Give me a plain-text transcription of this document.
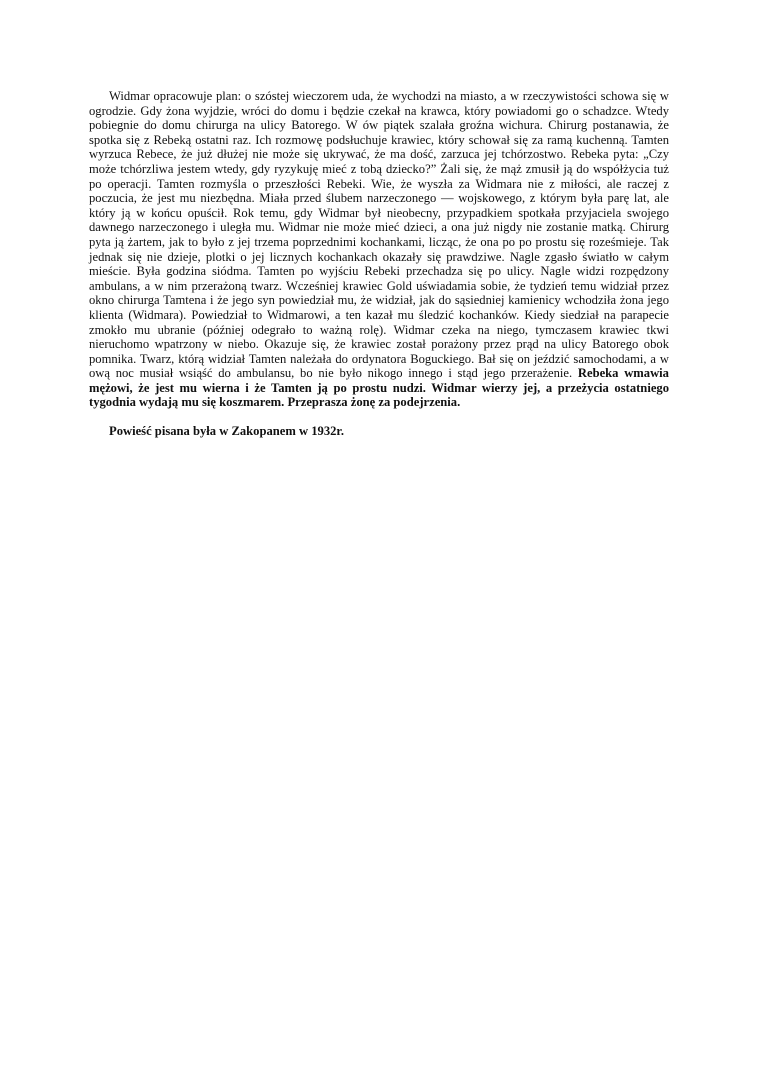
Widmar opracowuje plan: o szóstej wieczorem uda, że wychodzi na miasto, a w rzeczywistości schowa się w ogrodzie. Gdy żona wyjdzie, wróci do domu i będzie czekał na krawca, który powiadomi go o schadzce. Wtedy pobiegnie do domu chirurga na ulicy Batorego. W ów piątek szalała groźna wichura. Chirurg postanawia, że spotka się z Rebeką ostatni raz. Ich rozmowę podsłuchuje krawiec, który schował się za ramą kuchenną. Tamten wyrzuca Rebece, że już dłużej nie może się ukrywać, że ma dość, zarzuca jej tchórzostwo. Rebeka pyta: „Czy może tchórzliwa jestem wtedy, gdy ryzykuję mieć z tobą dziecko?” Żali się, że mąż zmusił ją do współżycia tuż po operacji. Tamten rozmyśla o przeszłości Rebeki. Wie, że wyszła za Widmara nie z miłości, ale raczej z poczucia, że jest mu niezbędna. Miała przed ślubem narzeczonego — wojskowego, z którym była parę lat, ale który ją w końcu opuścił. Rok temu, gdy Widmar był nieobecny, przypadkiem spotkała przyjaciela swojego dawnego narzeczonego i uległa mu. Widmar nie może mieć dzieci, a ona już nigdy nie zostanie matką. Chirurg pyta ją żartem, jak to było z jej trzema poprzednimi kochankami, licząc, że ona po po prostu się roześmieje. Tak jednak się nie dzieje, plotki o jej licznych kochankach okazały się prawdziwe. Nagle zgasło światło w całym mieście. Była godzina siódma. Tamten po wyjściu Rebeki przechadza się po ulicy. Nagle widzi rozpędzony ambulans, a w nim przerażoną twarz. Wcześniej krawiec Gold uświadamia sobie, że tydzień temu widział przez okno chirurga Tamtena i że jego syn powiedział mu, że widział, jak do sąsiedniej kamienicy wchodziła żona jego klienta (Widmara). Powiedział to Widmarowi, a ten kazał mu śledzić kochanków. Kiedy siedział na parapecie zmokło mu ubranie (później odegrało to ważną rolę). Widmar czeka na niego, tymczasem krawiec tkwi nieruchomo wpatrzony w niebo. Okazuje się, że krawiec został porażony przez prąd na ulicy Batorego obok pomnika. Twarz, którą widział Tamten należała do ordynatora Boguckiego. Bał się on jeździć samochodami, a w ową noc musiał wsiąść do ambulansu, bo nie było nikogo innego i stąd jego przerażenie. Rebeka wmawia mężowi, że jest mu wierna i że Tamten ją po prostu nudzi. Widmar wierzy jej, a przeżycia ostatniego tygodnia wydają mu się koszmarem. Przeprasza żonę za podejrzenia.

Powieść pisana była w Zakopanem w 1932r.
